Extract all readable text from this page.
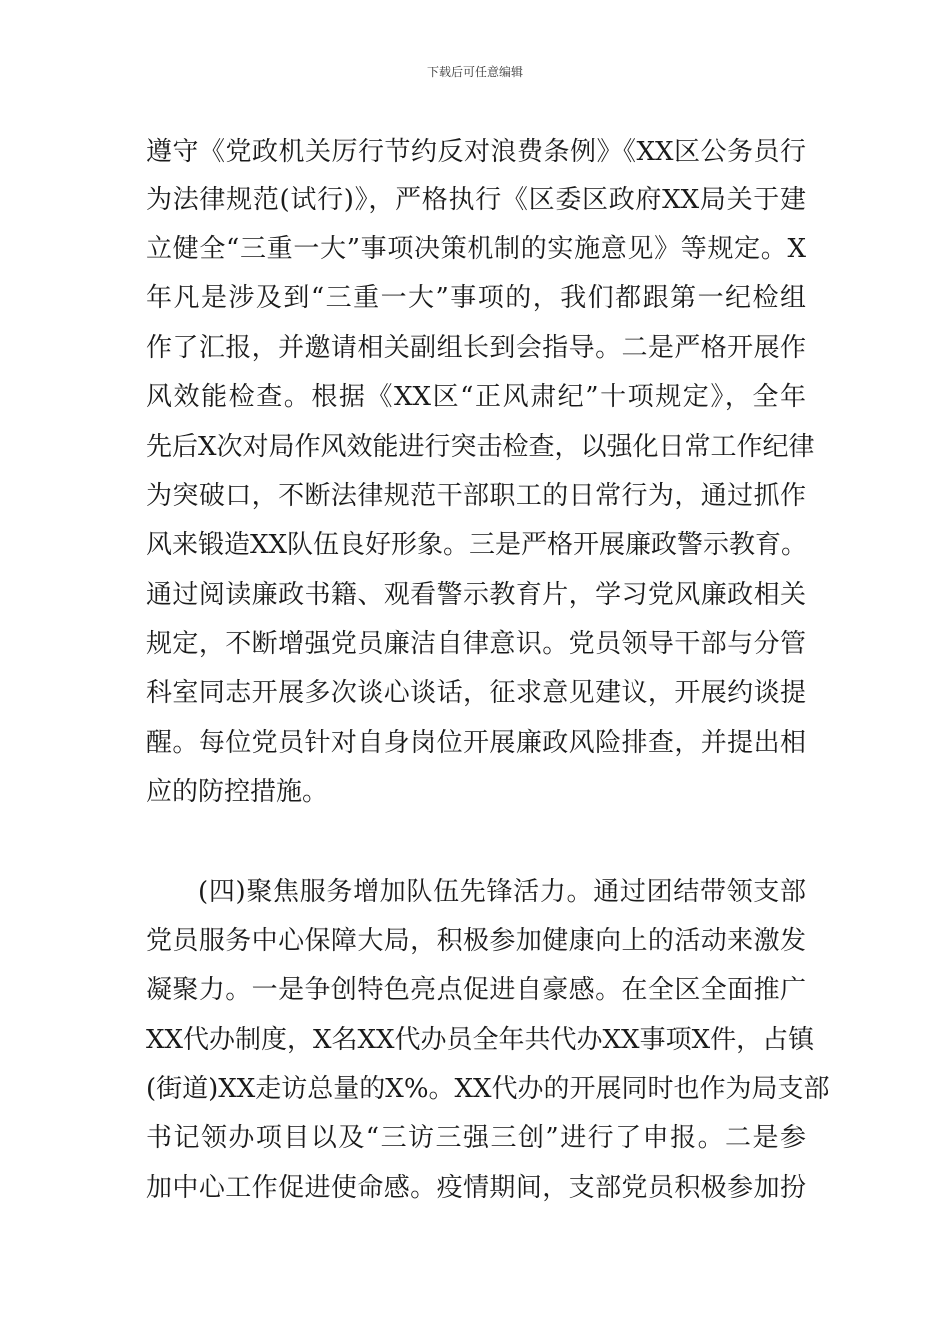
下载后可任意编辑
遵守《党政机关厉行节约反对浪费条例》《XX区公务员行
为法律规范(试行)》，严格执行《区委区政府XX局关于建
立健全“三重一大”事项决策机制的实施意见》等规定。X
年凡是涉及到“三重一大”事项的，我们都跟第一纪检组
作了汇报，并邀请相关副组长到会指导。二是严格开展作
风效能检查。根据《XX区“正风肃纪”十项规定》，全年
先后X次对局作风效能进行突击检查，以强化日常工作纪律
为突破口，不断法律规范干部职工的日常行为，通过抓作
风来锻造XX队伍良好形象。三是严格开展廉政警示教育。
通过阅读廉政书籍、观看警示教育片，学习党风廉政相关
规定，不断增强党员廉洁自律意识。党员领导干部与分管
科室同志开展多次谈心谈话，征求意见建议，开展约谈提
醒。每位党员针对自身岗位开展廉政风险排查，并提出相
应的防控措施。
(四)聚焦服务增加队伍先锋活力。通过团结带领支部
党员服务中心保障大局，积极参加健康向上的活动来激发
凝聚力。一是争创特色亮点促进自豪感。在全区全面推广
XX代办制度，X名XX代办员全年共代办XX事项X件，占镇
(街道)XX走访总量的X%。XX代办的开展同时也作为局支部
书记领办项目以及“三访三强三创”进行了申报。二是参
加中心工作促进使命感。疫情期间，支部党员积极参加扮
